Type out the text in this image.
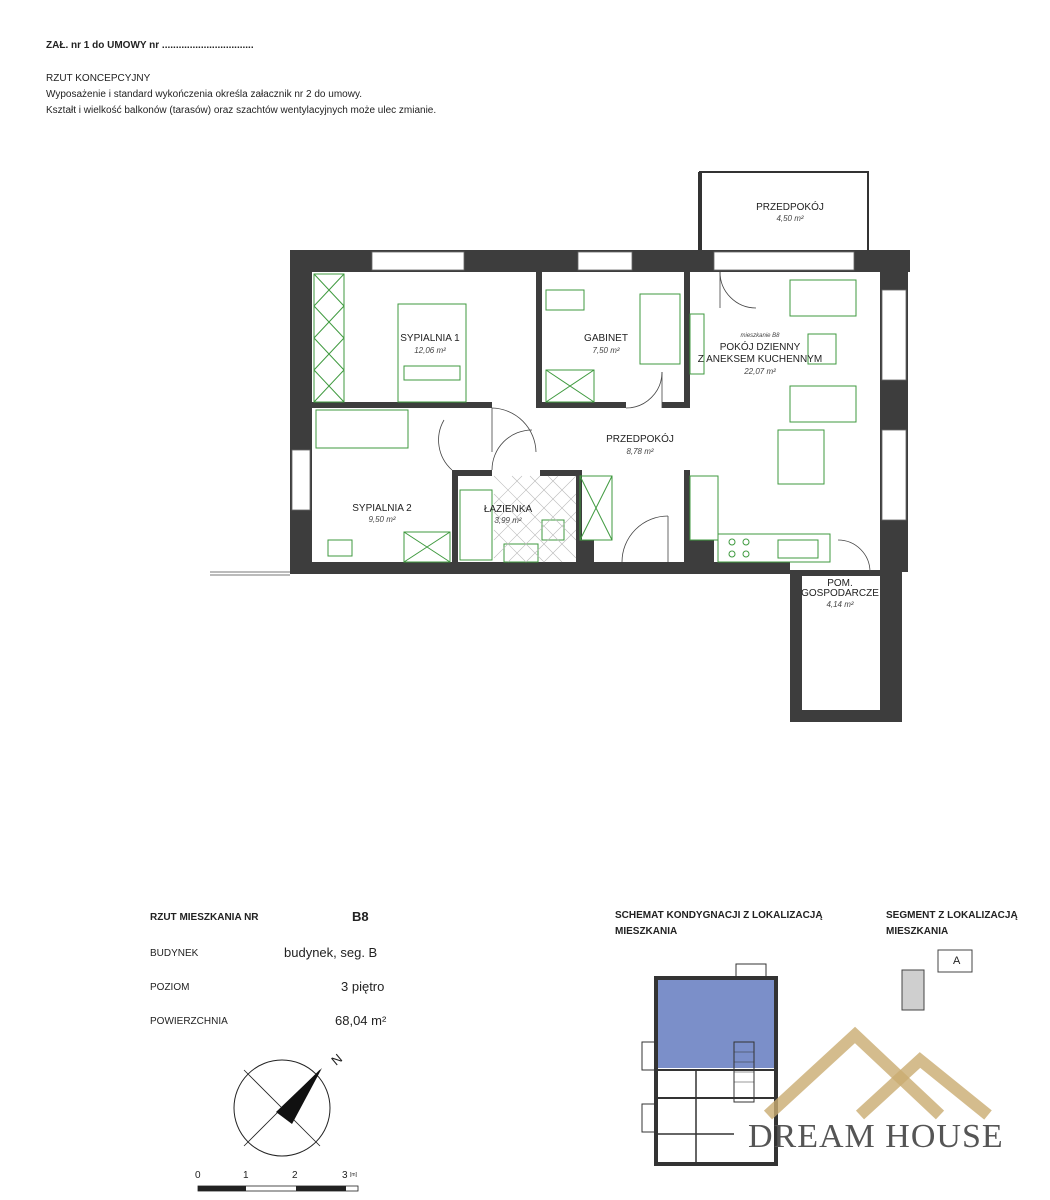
ZAŁ. nr 1 do UMOWY nr .................................
RZUT KONCEPCYJNY
Wyposażenie i standard wykończenia określa załacznik nr 2 do umowy.
Kształt i wielkość balkonów (tarasów) oraz szachtów wentylacyjnych może ulec zmianie.
PRZEDPOKÓJ
4,50 m²
SYPIALNIA 1
12,06 m²
GABINET
7,50 m²
mieszkanie B8
POKÓJ DZIENNY
Z ANEKSEM KUCHENNYM
22,07 m²
PRZEDPOKÓJ
8,78 m²
SYPIALNIA 2
9,50 m²
ŁAZIENKA
3,99 m²
POM.
GOSPODARCZE
4,14 m²
RZUT MIESZKANIA NR	B8
BUDYNEK	budynek, seg. B
POZIOM	3 piętro
POWIERZCHNIA	68,04 m²
N
0	1	2	3 [m]
SCHEMAT KONDYGNACJI Z LOKALIZACJĄ
MIESZKANIA
SEGMENT Z LOKALIZACJĄ
MIESZKANIA
A
DREAM HOUSE
